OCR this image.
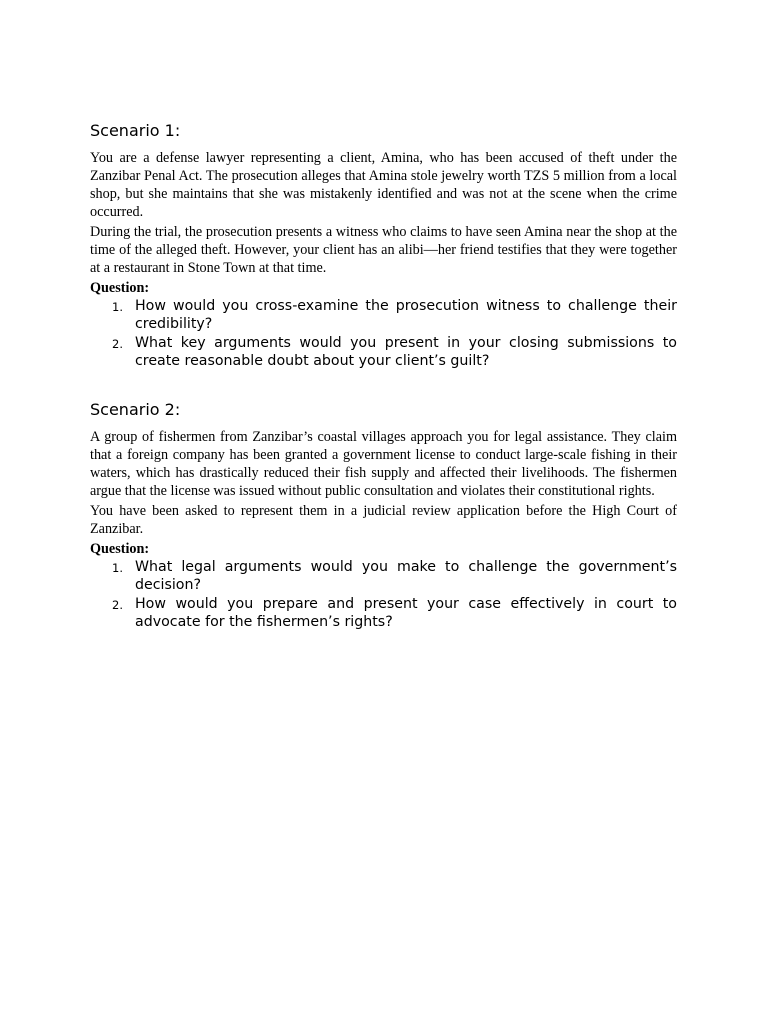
Scenario 1:

You are a defense lawyer representing a client, Amina, who has been accused of theft under the Zanzibar Penal Act. The prosecution alleges that Amina stole jewelry worth TZS 5 million from a local shop, but she maintains that she was mistakenly identified and was not at the scene when the crime occurred.

During the trial, the prosecution presents a witness who claims to have seen Amina near the shop at the time of the alleged theft. However, your client has an alibi—her friend testifies that they were together at a restaurant in Stone Town at that time.

Question:

1. How would you cross-examine the prosecution witness to challenge their credibility?
2. What key arguments would you present in your closing submissions to create reasonable doubt about your client’s guilt?
Scenario 2:

A group of fishermen from Zanzibar’s coastal villages approach you for legal assistance. They claim that a foreign company has been granted a government license to conduct large-scale fishing in their waters, which has drastically reduced their fish supply and affected their livelihoods. The fishermen argue that the license was issued without public consultation and violates their constitutional rights.

You have been asked to represent them in a judicial review application before the High Court of Zanzibar.

Question:

1. What legal arguments would you make to challenge the government’s decision?
2. How would you prepare and present your case effectively in court to advocate for the fishermen’s rights?
